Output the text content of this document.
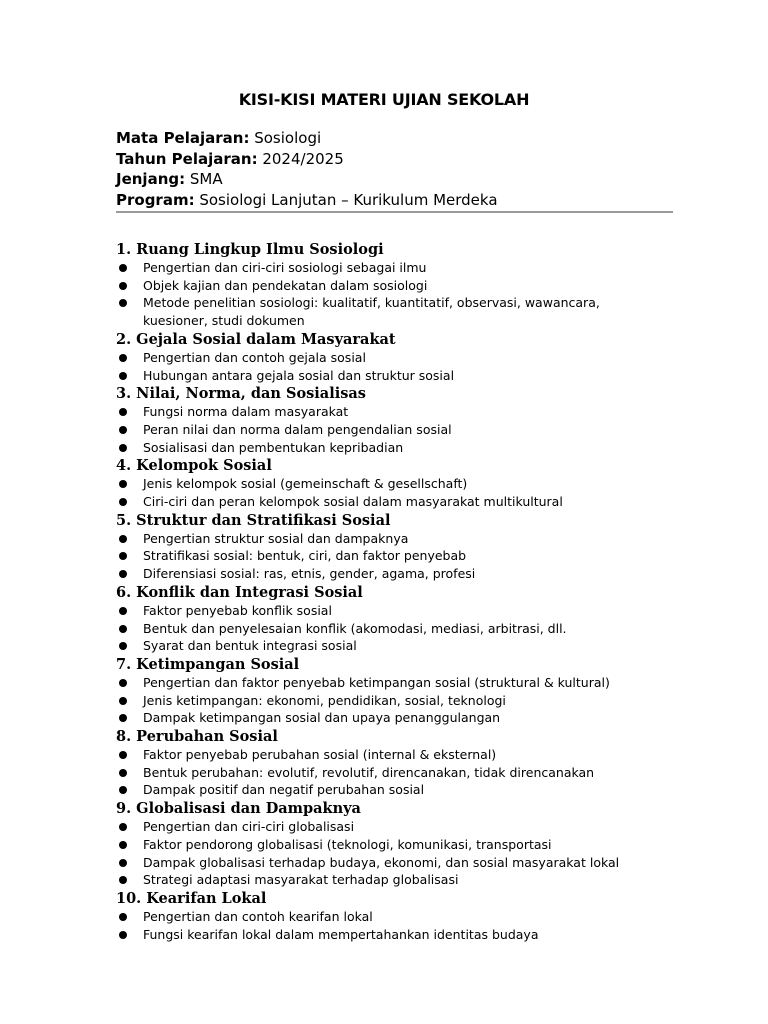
KISI-KISI MATERI UJIAN SEKOLAH
Mata Pelajaran: Sosiologi
Tahun Pelajaran: 2024/2025
Jenjang: SMA
Program: Sosiologi Lanjutan – Kurikulum Merdeka
1. Ruang Lingkup Ilmu Sosiologi
Pengertian dan ciri-ciri sosiologi sebagai ilmu
Objek kajian dan pendekatan dalam sosiologi
Metode penelitian sosiologi: kualitatif, kuantitatif, observasi, wawancara, kuesioner, studi dokumen
2. Gejala Sosial dalam Masyarakat
Pengertian dan contoh gejala sosial
Hubungan antara gejala sosial dan struktur sosial
3. Nilai, Norma, dan Sosialisas
Fungsi norma dalam masyarakat
Peran nilai dan norma dalam pengendalian sosial
Sosialisasi dan pembentukan kepribadian
4. Kelompok Sosial
Jenis kelompok sosial (gemeinschaft & gesellschaft)
Ciri-ciri dan peran kelompok sosial dalam masyarakat multikultural
5. Struktur dan Stratifikasi Sosial
Pengertian struktur sosial dan dampaknya
Stratifikasi sosial: bentuk, ciri, dan faktor penyebab
Diferensiasi sosial: ras, etnis, gender, agama, profesi
6. Konflik dan Integrasi Sosial
Faktor penyebab konflik sosial
Bentuk dan penyelesaian konflik (akomodasi, mediasi, arbitrasi, dll.
Syarat dan bentuk integrasi sosial
7. Ketimpangan Sosial
Pengertian dan faktor penyebab ketimpangan sosial (struktural & kultural)
Jenis ketimpangan: ekonomi, pendidikan, sosial, teknologi
Dampak ketimpangan sosial dan upaya penanggulangan
8. Perubahan Sosial
Faktor penyebab perubahan sosial (internal & eksternal)
Bentuk perubahan: evolutif, revolutif, direncanakan, tidak direncanakan
Dampak positif dan negatif perubahan sosial
9. Globalisasi dan Dampaknya
Pengertian dan ciri-ciri globalisasi
Faktor pendorong globalisasi (teknologi, komunikasi, transportasi
Dampak globalisasi terhadap budaya, ekonomi, dan sosial masyarakat lokal
Strategi adaptasi masyarakat terhadap globalisasi
10. Kearifan Lokal
Pengertian dan contoh kearifan lokal
Fungsi kearifan lokal dalam mempertahankan identitas budaya
